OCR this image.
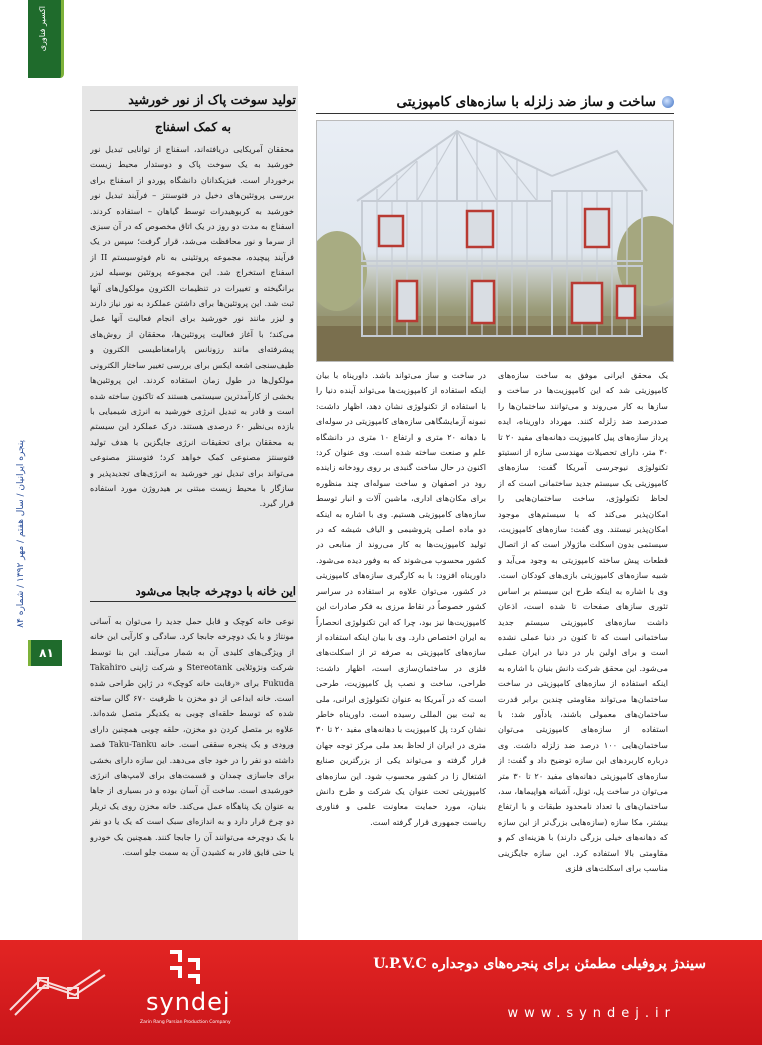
اکسیر فناوری
پنجره ایرانیان / سال هفتم / مهر ۱۳۹۲ / شماره ۸۴
۸۱
تولید سوخت پاک از نور خورشید
به کمک اسفناج
محققان آمریکایی دریافته‌اند، اسفناج از توانایی تبدیل نور خورشید به یک سوخت پاک و دوستدار محیط زیست برخوردار است. فیزیکدانان دانشگاه پوردو از اسفناج برای بررسی پروتئین‌های دخیل در فتوسنتز – فرآیند تبدیل نور خورشید به کربوهیدرات توسط گیاهان – استفاده کردند. اسفناج به مدت دو روز در یک اتاق مخصوص که در آن سبزی از سرما و نور محافظت می‌شد، قرار گرفت؛ سپس در یک فرآیند پیچیده، مجموعه پروتئینی به نام فوتوسیستم II از اسفناج استخراج شد. این مجموعه پروتئین بوسیله لیزر برانگیخته و تغییرات در تنظیمات الکترون مولکول‌های آنها ثبت شد. این پروتئین‌ها برای داشتن عملکرد به نور نیاز دارند و لیزر مانند نور خورشید برای انجام فعالیت آنها عمل می‌کند؛ با آغاز فعالیت پروتئین‌ها، محققان از روش‌های پیشرفته‌ای مانند رزونانس پارامغناطیسی الکترون و طیف‌سنجی اشعه ایکس برای بررسی تغییر ساختار الکترونی مولکول‌ها در طول زمان استفاده کردند. این پروتئین‌ها بخشی از کارآمدترین سیستمی هستند که تاکنون ساخته شده است و قادر به تبدیل انرژی خورشید به انرژی شیمیایی با بازده بی‌نظیر ۶۰ درصدی هستند. درک عملکرد این سیستم به محققان برای تحقیقات انرژی جایگزین با هدف تولید فتوسنتز مصنوعی کمک خواهد کرد؛ فتوسنتز مصنوعی می‌تواند برای تبدیل نور خورشید به انرژی‌های تجدیدپذیر و سازگار با محیط زیست مبتنی بر هیدروژن مورد استفاده قرار گیرد.
این خانه با دوچرخه جابجا می‌شود
نوعی خانه کوچک و قابل حمل جدید را می‌توان به آسانی مونتاژ و با یک دوچرخه جابجا کرد. سادگی و کارآیی این خانه از ویژگی‌های کلیدی آن به شمار می‌آیند. این بنا توسط شرکت ونژوئلایی Stereotank و شرکت ژاپنی Takahiro Fukuda برای «رقابت خانه کوچک» در ژاپن طراحی شده است. خانه ابداعی از دو مخزن با ظرفیت ۶۷۰ گالن ساخته شده که توسط حلقه‌ای چوبی به یکدیگر متصل شده‌اند. علاوه بر متصل کردن دو مخزن، حلقه چوبی همچنین دارای ورودی و یک پنجره سقفی است. خانه Taku-Tanku قصد داشته دو نفر را در خود جای می‌دهد. این سازه دارای بخشی برای جاسازی چمدان و قسمت‌های برای لامپ‌های انرژی خورشیدی است. ساخت آن آسان بوده و در بسیاری از جاها به عنوان یک پناهگاه عمل می‌کند. خانه مخزن روی یک تریلر دو چرخ قرار دارد و به اندازه‌ای سبک است که یک یا دو نفر با یک دوچرخه می‌توانند آن را جابجا کنند. همچنین یک خودرو یا حتی قایق قادر به کشیدن آن به سمت جلو است.
ساخت و ساز ضد زلزله با سازه‌های کامپوزیتی
یک محقق ایرانی موفق به ساخت سازه‌های کامپوزیتی شد که این کامپوزیت‌ها در ساخت و سازها به کار می‌روند و می‌توانند ساختمان‌ها را صددرصد ضد زلزله کنند. مهرداد داوریناه، ایده پرداز سازه‌های پیل کامپوزیت دهانه‌های مفید ۲۰ تا ۳۰ متر، دارای تحصیلات مهندسی سازه از انستیتو تکنولوژی نیوجرسی آمریکا گفت: سازه‌های کامپوزیتی یک سیستم جدید ساختمانی است که از لحاظ تکنولوژی، ساخت ساختمان‌هایی را امکان‌پذیر می‌کند که با سیستم‌های موجود امکان‌پذیر نیستند. وی گفت: سازه‌های کامپوزیت، سیستمی بدون اسکلت ماژولار است که از اتصال قطعات پیش ساخته کامپوزیتی به وجود می‌آید و شبیه سازه‌های کامپوزیتی بازی‌های کودکان است. وی با اشاره به اینکه طرح این سیستم بر اساس تئوری سازهای صفحات تا شده است، اذعان داشت سازه‌های کامپوزیتی سیستم جدید ساختمانی است که تا کنون در دنیا عملی نشده است و برای اولین بار در دنیا در ایران عملی می‌شود. این محقق شرکت دانش بنیان با اشاره به اینکه استفاده از سازه‌های کامپوزیتی در ساخت ساختمان‌ها می‌تواند مقاومتی چندین برابر قدرت ساختمان‌های معمولی باشند، یادآور شد: با استفاده از سازه‌های کامپوزیتی می‌توان ساختمان‌هایی ۱۰۰ درصد ضد زلزله داشت. وی درباره کاربردهای این سازه توضیح داد و گفت: از سازه‌های کامپوزیتی دهانه‌های مفید ۲۰ تا ۳۰ متر می‌توان در ساخت پل، تونل، آشیانه هواپیماها، سد، ساختمان‌های با تعداد نامحدود طبقات و با ارتفاع بیشتر، مکا سازه (سازه‌هایی بزرگ‌تر از این سازه که دهانه‌های خیلی بزرگی دارند) با هزینه‌ای کم و مقاومتی بالا استفاده کرد. این سازه جایگزینی مناسب برای اسکلت‌های فلزی
در ساخت و ساز می‌تواند باشد. داوریناه با بیان اینکه استفاده از کامپوزیت‌ها می‌تواند آینده دنیا را با استفاده از تکنولوژی نشان دهد، اظهار داشت: نمونه آزمایشگاهی سازه‌های کامپوزیتی در سوله‌ای با دهانه ۲۰ متری و ارتفاع ۱۰ متری در دانشگاه علم و صنعت ساخته شده است. وی عنوان کرد: اکنون در حال ساخت گنبدی بر روی رودخانه زاینده رود در اصفهان و ساخت سوله‌ای چند منظوره برای مکان‌های اداری، ماشین آلات و انبار توسط سازه‌های کامپوزیتی هستیم. وی با اشاره به اینکه دو ماده اصلی پتروشیمی و الیاف شیشه که در تولید کامپوزیت‌ها به کار می‌روند از منابعی در کشور محسوب می‌شوند که به وفور دیده می‌شود. داوریناه افزود: با به کارگیری سازه‌های کامپوزیتی در کشور، می‌توان علاوه بر استفاده در سراسر کشور خصوصاً در نقاط مرزی به فکر صادرات این کامپوزیت‌ها نیز بود، چرا که این تکنولوژی انحصاراً به ایران اختصاص دارد. وی با بیان اینکه استفاده از سازه‌های کامپوزیتی به صرفه تر از اسکلت‌های فلزی در ساختمان‌سازی است، اظهار داشت: طراحی، ساخت و نصب پل کامپوزیت، طرحی است که در آمریکا به عنوان تکنولوژی ایرانی، ملی به ثبت بین المللی رسیده است. داوریناه خاطر نشان کرد: پل کامپوزیت با دهانه‌های مفید ۲۰ تا ۳۰ متری در ایران از لحاظ بعد ملی مرکز توجه جهان قرار گرفته و می‌تواند یکی از بزرگترین صنایع اشتغال زا در کشور محسوب شود. این سازه‌های کامپوزیتی تحت عنوان یک شرکت و طرح دانش بنیان، مورد حمایت معاونت علمی و فناوری ریاست جمهوری قرار گرفته است.
سیندژ پروفیلی مطمئن برای پنجره‌های دوجداره U.P.V.C
www.syndej.ir
syndej
Zarin Rang Parsian Production Company
